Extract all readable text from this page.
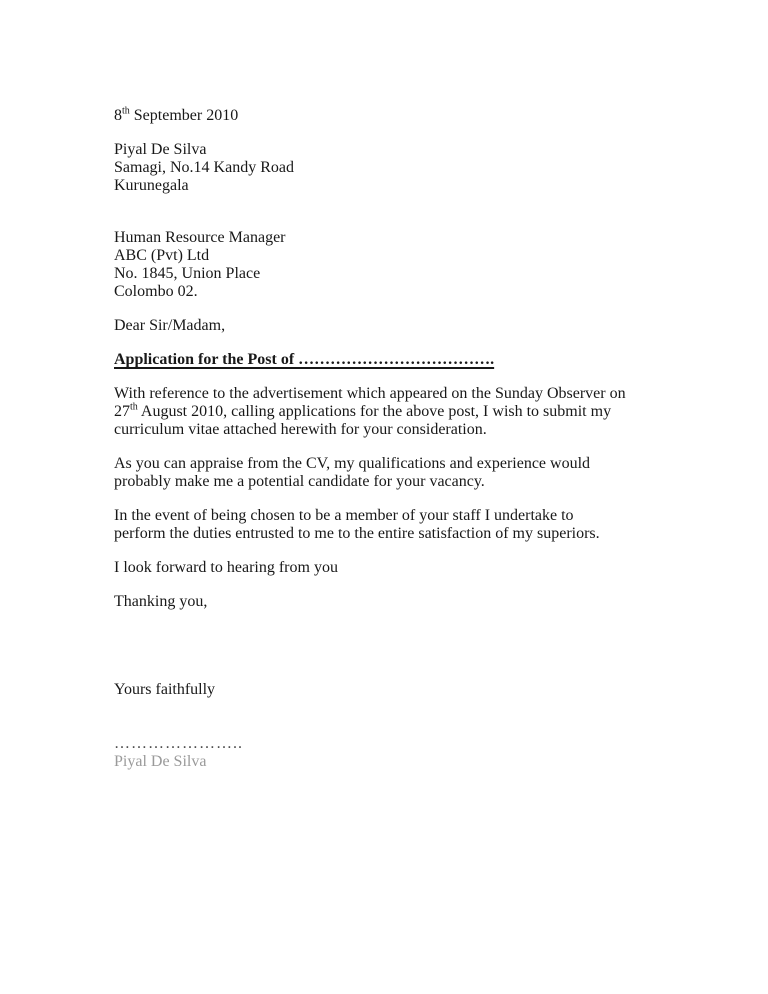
8th September 2010

Piyal De Silva
Samagi, No.14 Kandy Road
Kurunegala

Human Resource Manager
ABC (Pvt) Ltd
No. 1845, Union Place
Colombo 02.

Dear Sir/Madam,

Application for the Post of ……………………………….

With reference to the advertisement which appeared on the Sunday Observer on 27th August 2010, calling applications for the above post, I wish to submit my curriculum vitae attached herewith for your consideration.

As you can appraise from the CV, my qualifications and experience would probably make me a potential candidate for your vacancy.

In the event of being chosen to be a member of your staff I undertake to perform the duties entrusted to me to the entire satisfaction of my superiors.

I look forward to hearing from you

Thanking you,

Yours faithfully

…………………..

Piyal De Silva
